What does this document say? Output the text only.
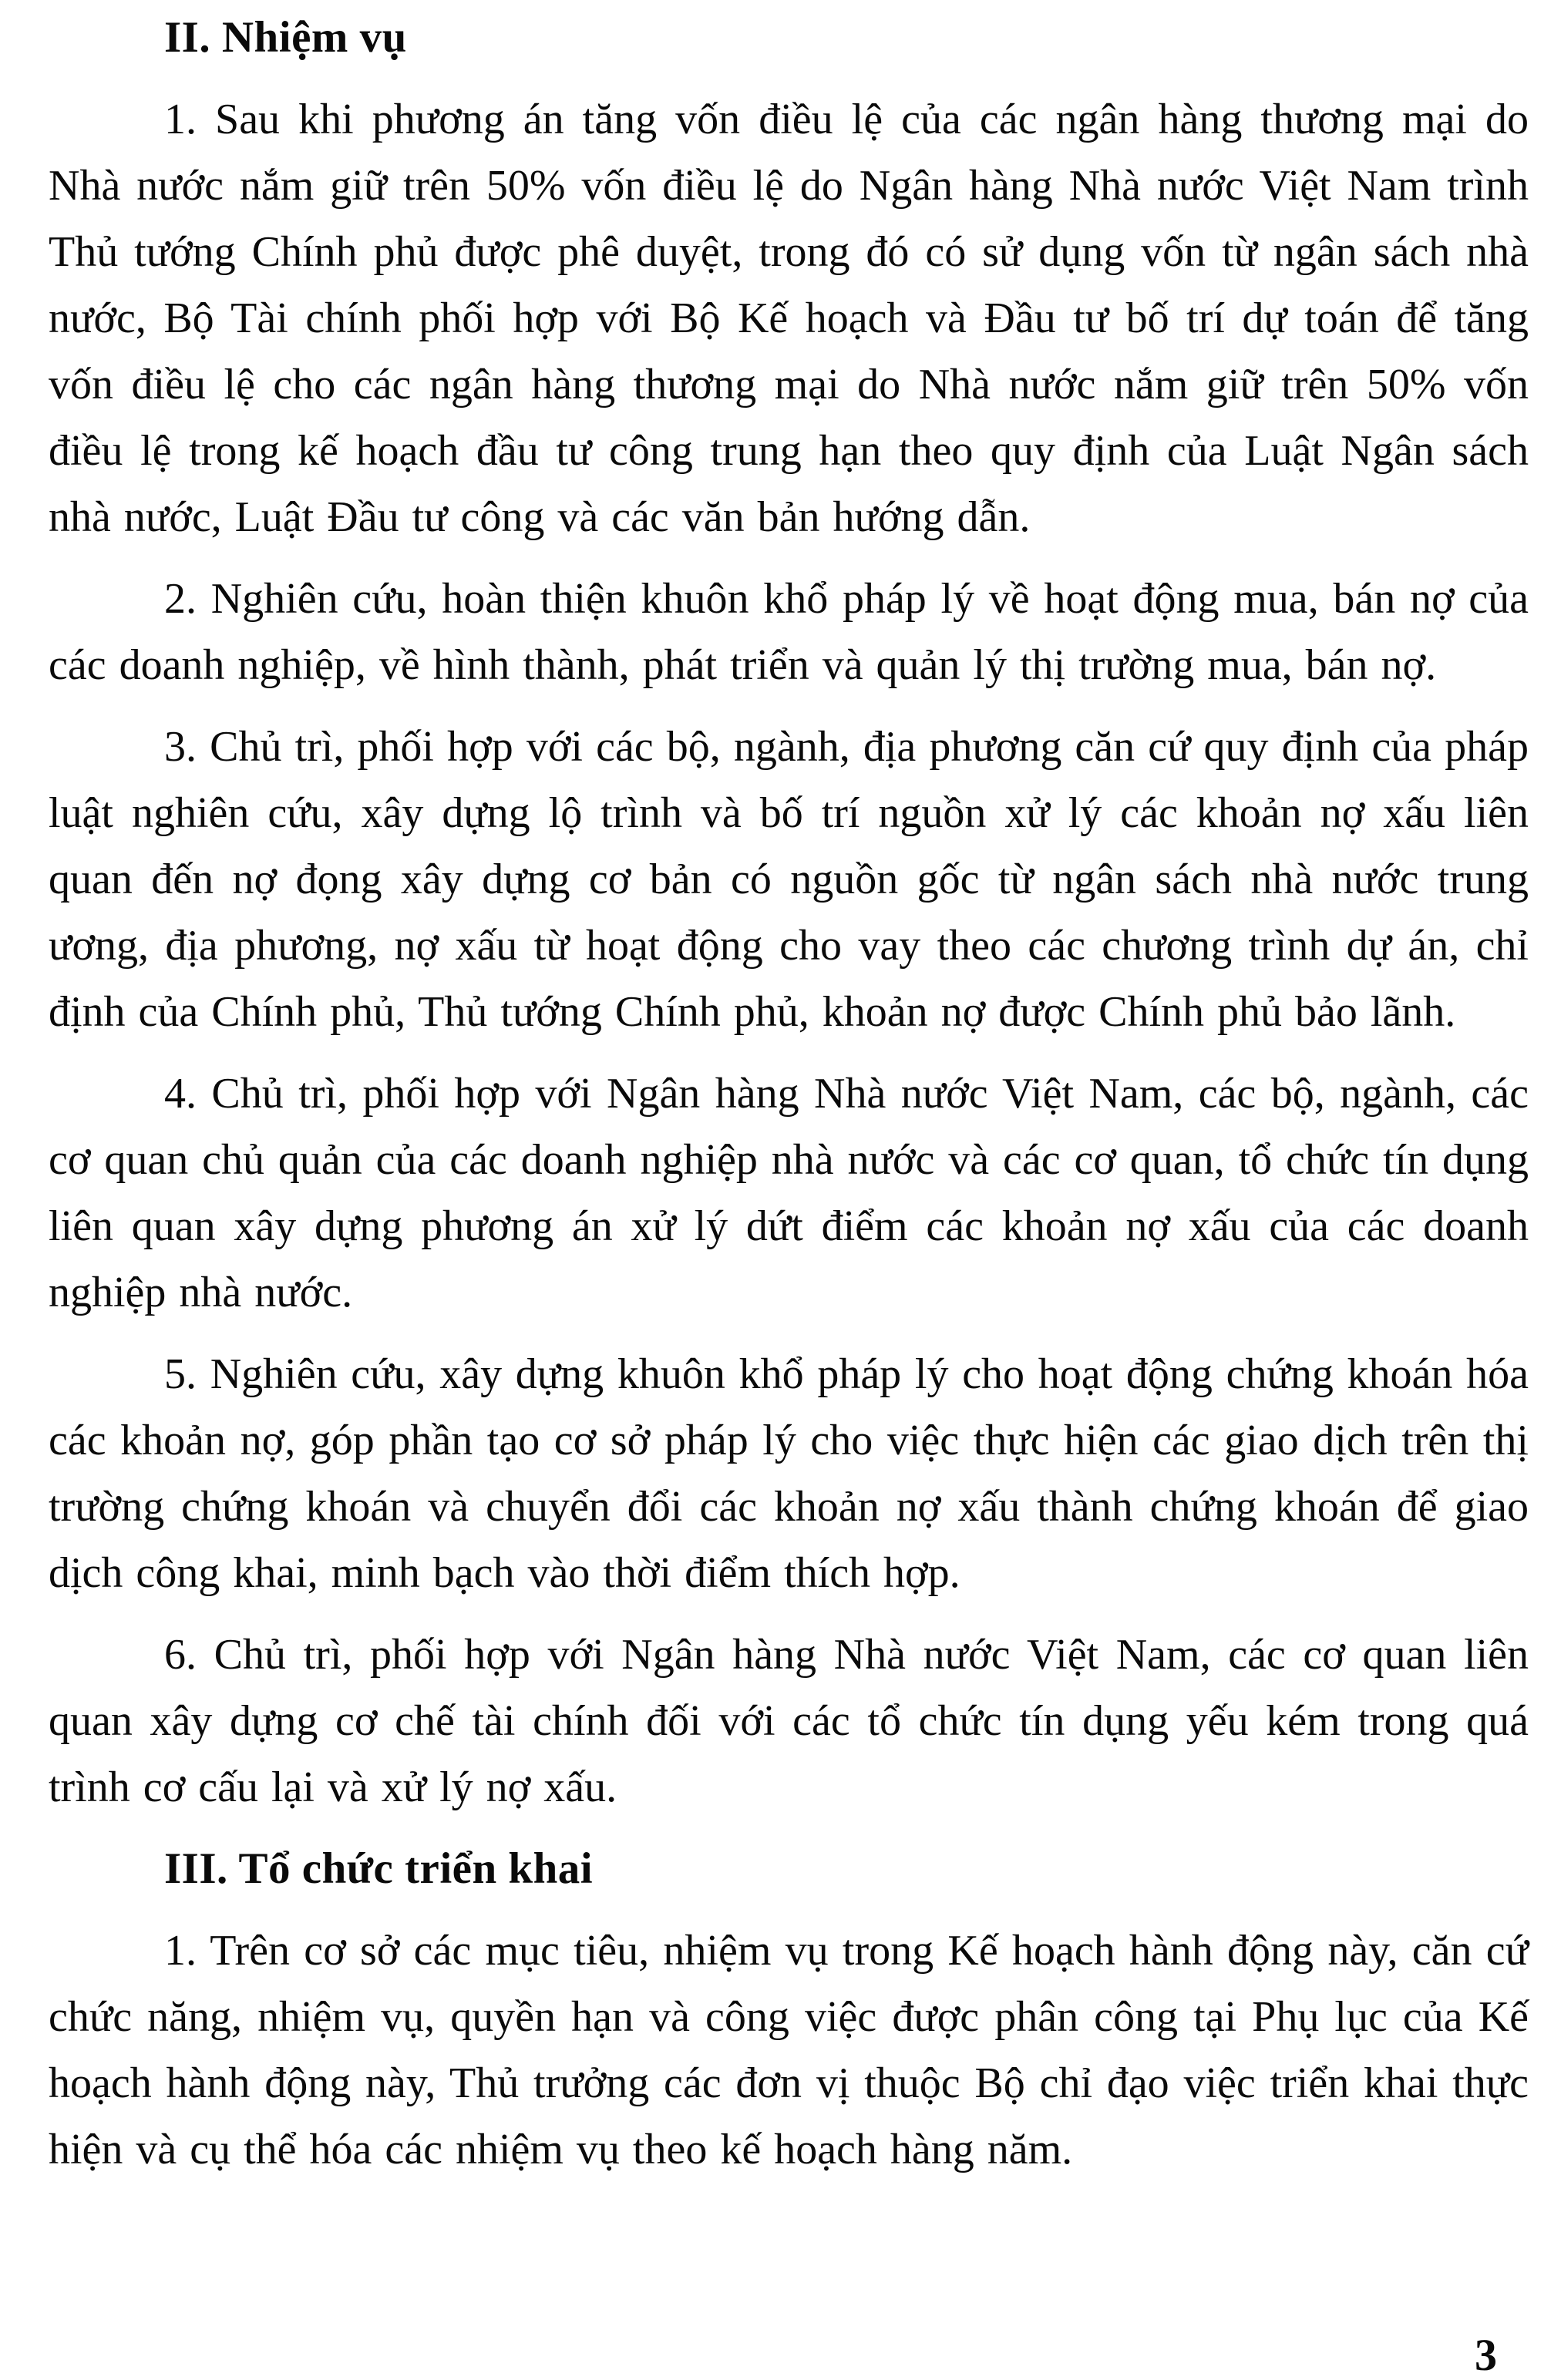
II. Nhiệm vụ
1. Sau khi phương án tăng vốn điều lệ của các ngân hàng thương mại do Nhà nước nắm giữ trên 50% vốn điều lệ do Ngân hàng Nhà nước Việt Nam trình Thủ tướng Chính phủ được phê duyệt, trong đó có sử dụng vốn từ ngân sách nhà nước, Bộ Tài chính phối hợp với Bộ Kế hoạch và Đầu tư bố trí dự toán để tăng vốn điều lệ cho các ngân hàng thương mại do Nhà nước nắm giữ trên 50% vốn điều lệ trong kế hoạch đầu tư công trung hạn theo quy định của Luật Ngân sách nhà nước, Luật Đầu tư công và các văn bản hướng dẫn.
2. Nghiên cứu, hoàn thiện khuôn khổ pháp lý về hoạt động mua, bán nợ của các doanh nghiệp, về hình thành, phát triển và quản lý thị trường mua, bán nợ.
3. Chủ trì, phối hợp với các bộ, ngành, địa phương căn cứ quy định của pháp luật nghiên cứu, xây dựng lộ trình và bố trí nguồn xử lý các khoản nợ xấu liên quan đến nợ đọng xây dựng cơ bản có nguồn gốc từ ngân sách nhà nước trung ương, địa phương, nợ xấu từ hoạt động cho vay theo các chương trình dự án, chỉ định của Chính phủ, Thủ tướng Chính phủ, khoản nợ được Chính phủ bảo lãnh.
4. Chủ trì, phối hợp với Ngân hàng Nhà nước Việt Nam, các bộ, ngành, các cơ quan chủ quản của các doanh nghiệp nhà nước và các cơ quan, tổ chức tín dụng liên quan xây dựng phương án xử lý dứt điểm các khoản nợ xấu của các doanh nghiệp nhà nước.
5. Nghiên cứu, xây dựng khuôn khổ pháp lý cho hoạt động chứng khoán hóa các khoản nợ, góp phần tạo cơ sở pháp lý cho việc thực hiện các giao dịch trên thị trường chứng khoán và chuyển đổi các khoản nợ xấu thành chứng khoán để giao dịch công khai, minh bạch vào thời điểm thích hợp.
6. Chủ trì, phối hợp với Ngân hàng Nhà nước Việt Nam, các cơ quan liên quan xây dựng cơ chế tài chính đối với các tổ chức tín dụng yếu kém trong quá trình cơ cấu lại và xử lý nợ xấu.
III. Tổ chức triển khai
1. Trên cơ sở các mục tiêu, nhiệm vụ trong Kế hoạch hành động này, căn cứ chức năng, nhiệm vụ, quyền hạn và công việc được phân công tại Phụ lục của Kế hoạch hành động này, Thủ trưởng các đơn vị thuộc Bộ chỉ đạo việc triển khai thực hiện và cụ thể hóa các nhiệm vụ theo kế hoạch hàng năm.
3
